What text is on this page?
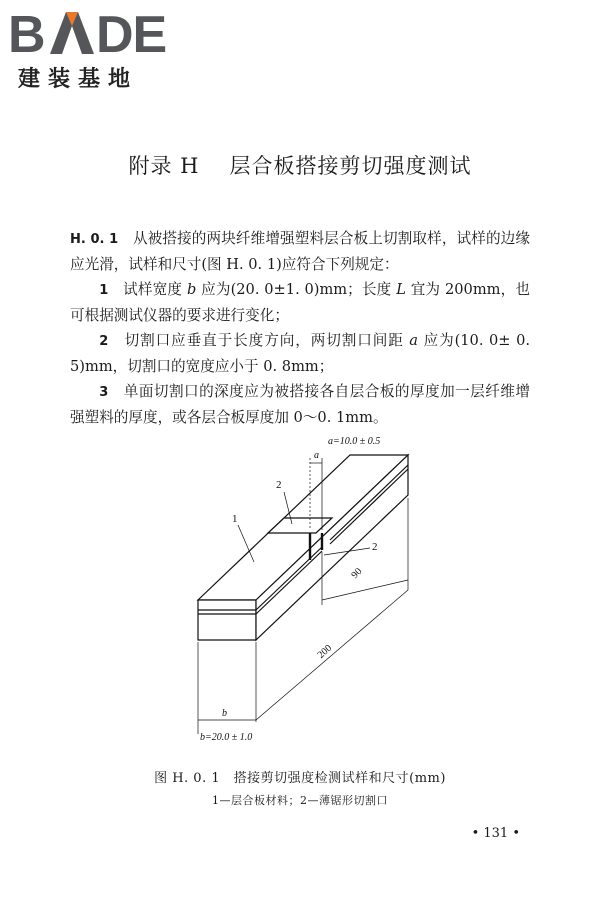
B DE
建装基地
附录 H 层合板搭接剪切强度测试

H. 0. 1　 从被搭接的两块纤维增强塑料层合板上切割取样，试样的边缘应光滑，试样和尺寸(图 H. 0. 1)应符合下列规定：

1　 试样宽度 b 应为(20. 0±1. 0)mm；长度 L 宜为 200mm，也可根据测试仪器的要求进行变化；

2　 切割口应垂直于长度方向，两切割口间距 a 应为(10. 0± 0. 5)mm，切割口的宽度应小于 0. 8mm；

3　 单面切割口的深度应为被搭接各自层合板的厚度加一层纤维增强塑料的厚度，或各层合板厚度加 0～0. 1mm。

a=10.0 ± 0.5
a
2
2
1
90
200
b
b=20.0 ± 1.0
图 H. 0. 1　搭接剪切强度检测试样和尺寸(mm)
1—层合板材料；2—薄锯形切割口
• 131 •
